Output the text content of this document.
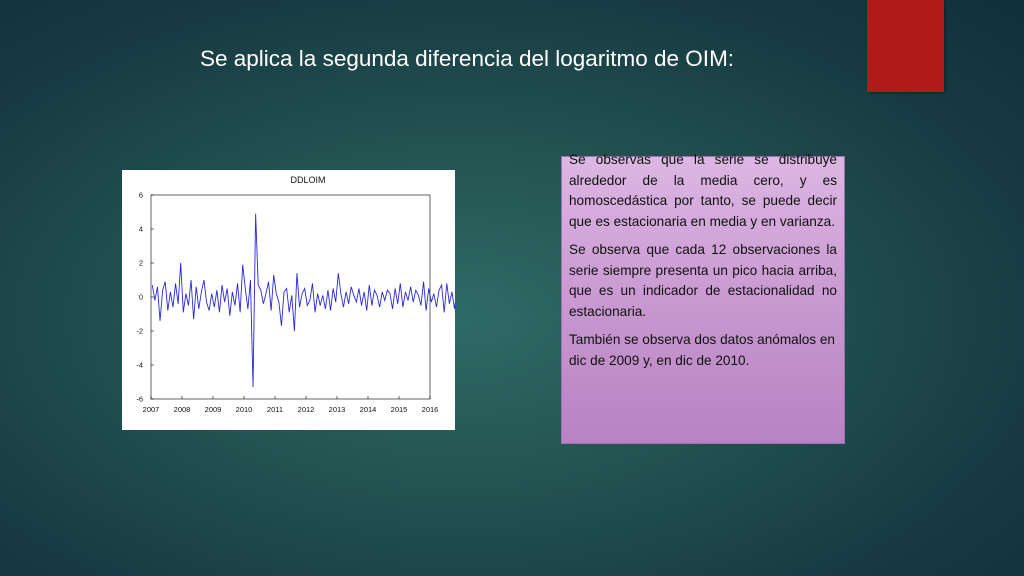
Se aplica la segunda diferencia del logaritmo de OIM:
DDLOIM
6
4
2
0
-2
-4
-6
2007 2008 2009 2010 2011 2012 2013 2014 2015 2016

Se observas que la serie se distribuye alrededor de la media cero, y es homoscedástica por tanto, se puede decir que es estacionaria en media y en varianza.

Se observa que cada 12 observaciones la serie siempre presenta un pico hacia arriba, que es un indicador de estacionalidad no estacionaria.

También se observa dos datos anómalos en dic de 2009 y, en dic de 2010.
